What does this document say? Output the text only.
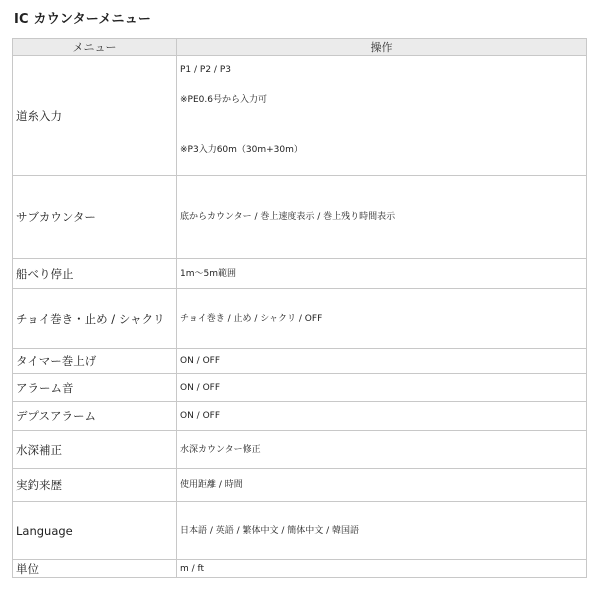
IC カウンターメニュー
メニュー	操作
道糸入力	P1 / P2 / P3
※PE0.6号から入力可
※P3入力60m（30m+30m）

サブカウンター	底からカウンター / 巻上速度表示 / 巻上残り時間表示
船べり停止	1m〜5m範囲
チョイ巻き・止め / シャクリ	チョイ巻き / 止め / シャクリ / OFF
タイマー巻上げ	ON / OFF
アラーム音	ON / OFF
デプスアラーム	ON / OFF
水深補正	水深カウンター修正
実釣来歴	使用距離 / 時間
Language	日本語 / 英語 / 繁体中文 / 簡体中文 / 韓国語
単位	m / ft
